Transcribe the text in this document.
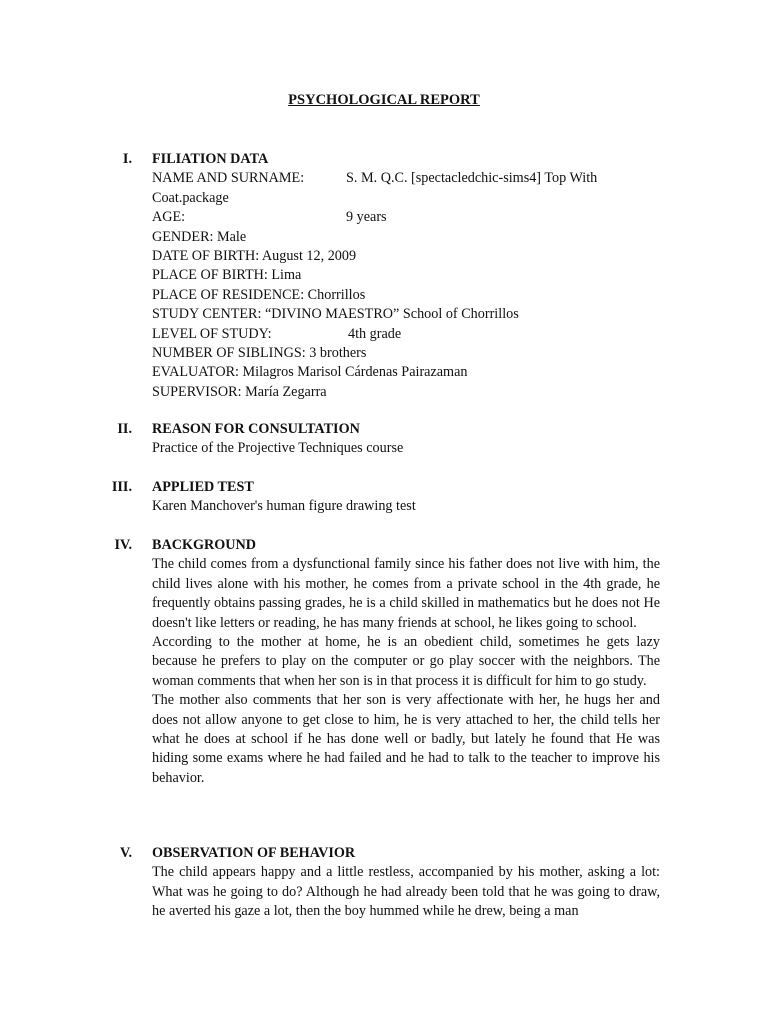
PSYCHOLOGICAL REPORT
I. FILIATION DATA
NAME AND SURNAME:	S. M. Q.C. [spectacledchic-sims4] Top With
Coat.package
AGE:	9 years
GENDER: Male
DATE OF BIRTH: August 12, 2009
PLACE OF BIRTH: Lima
PLACE OF RESIDENCE: Chorrillos
STUDY CENTER: “DIVINO MAESTRO” School of Chorrillos
LEVEL OF STUDY:	4th grade
NUMBER OF SIBLINGS: 3 brothers
EVALUATOR: Milagros Marisol Cárdenas Pairazaman
SUPERVISOR: María Zegarra
II. REASON FOR CONSULTATION
Practice of the Projective Techniques course
III. APPLIED TEST
Karen Manchover's human figure drawing test
IV. BACKGROUND
The child comes from a dysfunctional family since his father does not live with him, the child lives alone with his mother, he comes from a private school in the 4th grade, he frequently obtains passing grades, he is a child skilled in mathematics but he does not He doesn't like letters or reading, he has many friends at school, he likes going to school.
According to the mother at home, he is an obedient child, sometimes he gets lazy because he prefers to play on the computer or go play soccer with the neighbors. The woman comments that when her son is in that process it is difficult for him to go study.
The mother also comments that her son is very affectionate with her, he hugs her and does not allow anyone to get close to him, he is very attached to her, the child tells her what he does at school if he has done well or badly, but lately he found that He was hiding some exams where he had failed and he had to talk to the teacher to improve his behavior.
V. OBSERVATION OF BEHAVIOR
The child appears happy and a little restless, accompanied by his mother, asking a lot: What was he going to do? Although he had already been told that he was going to draw, he averted his gaze a lot, then the boy hummed while he drew, being a man
